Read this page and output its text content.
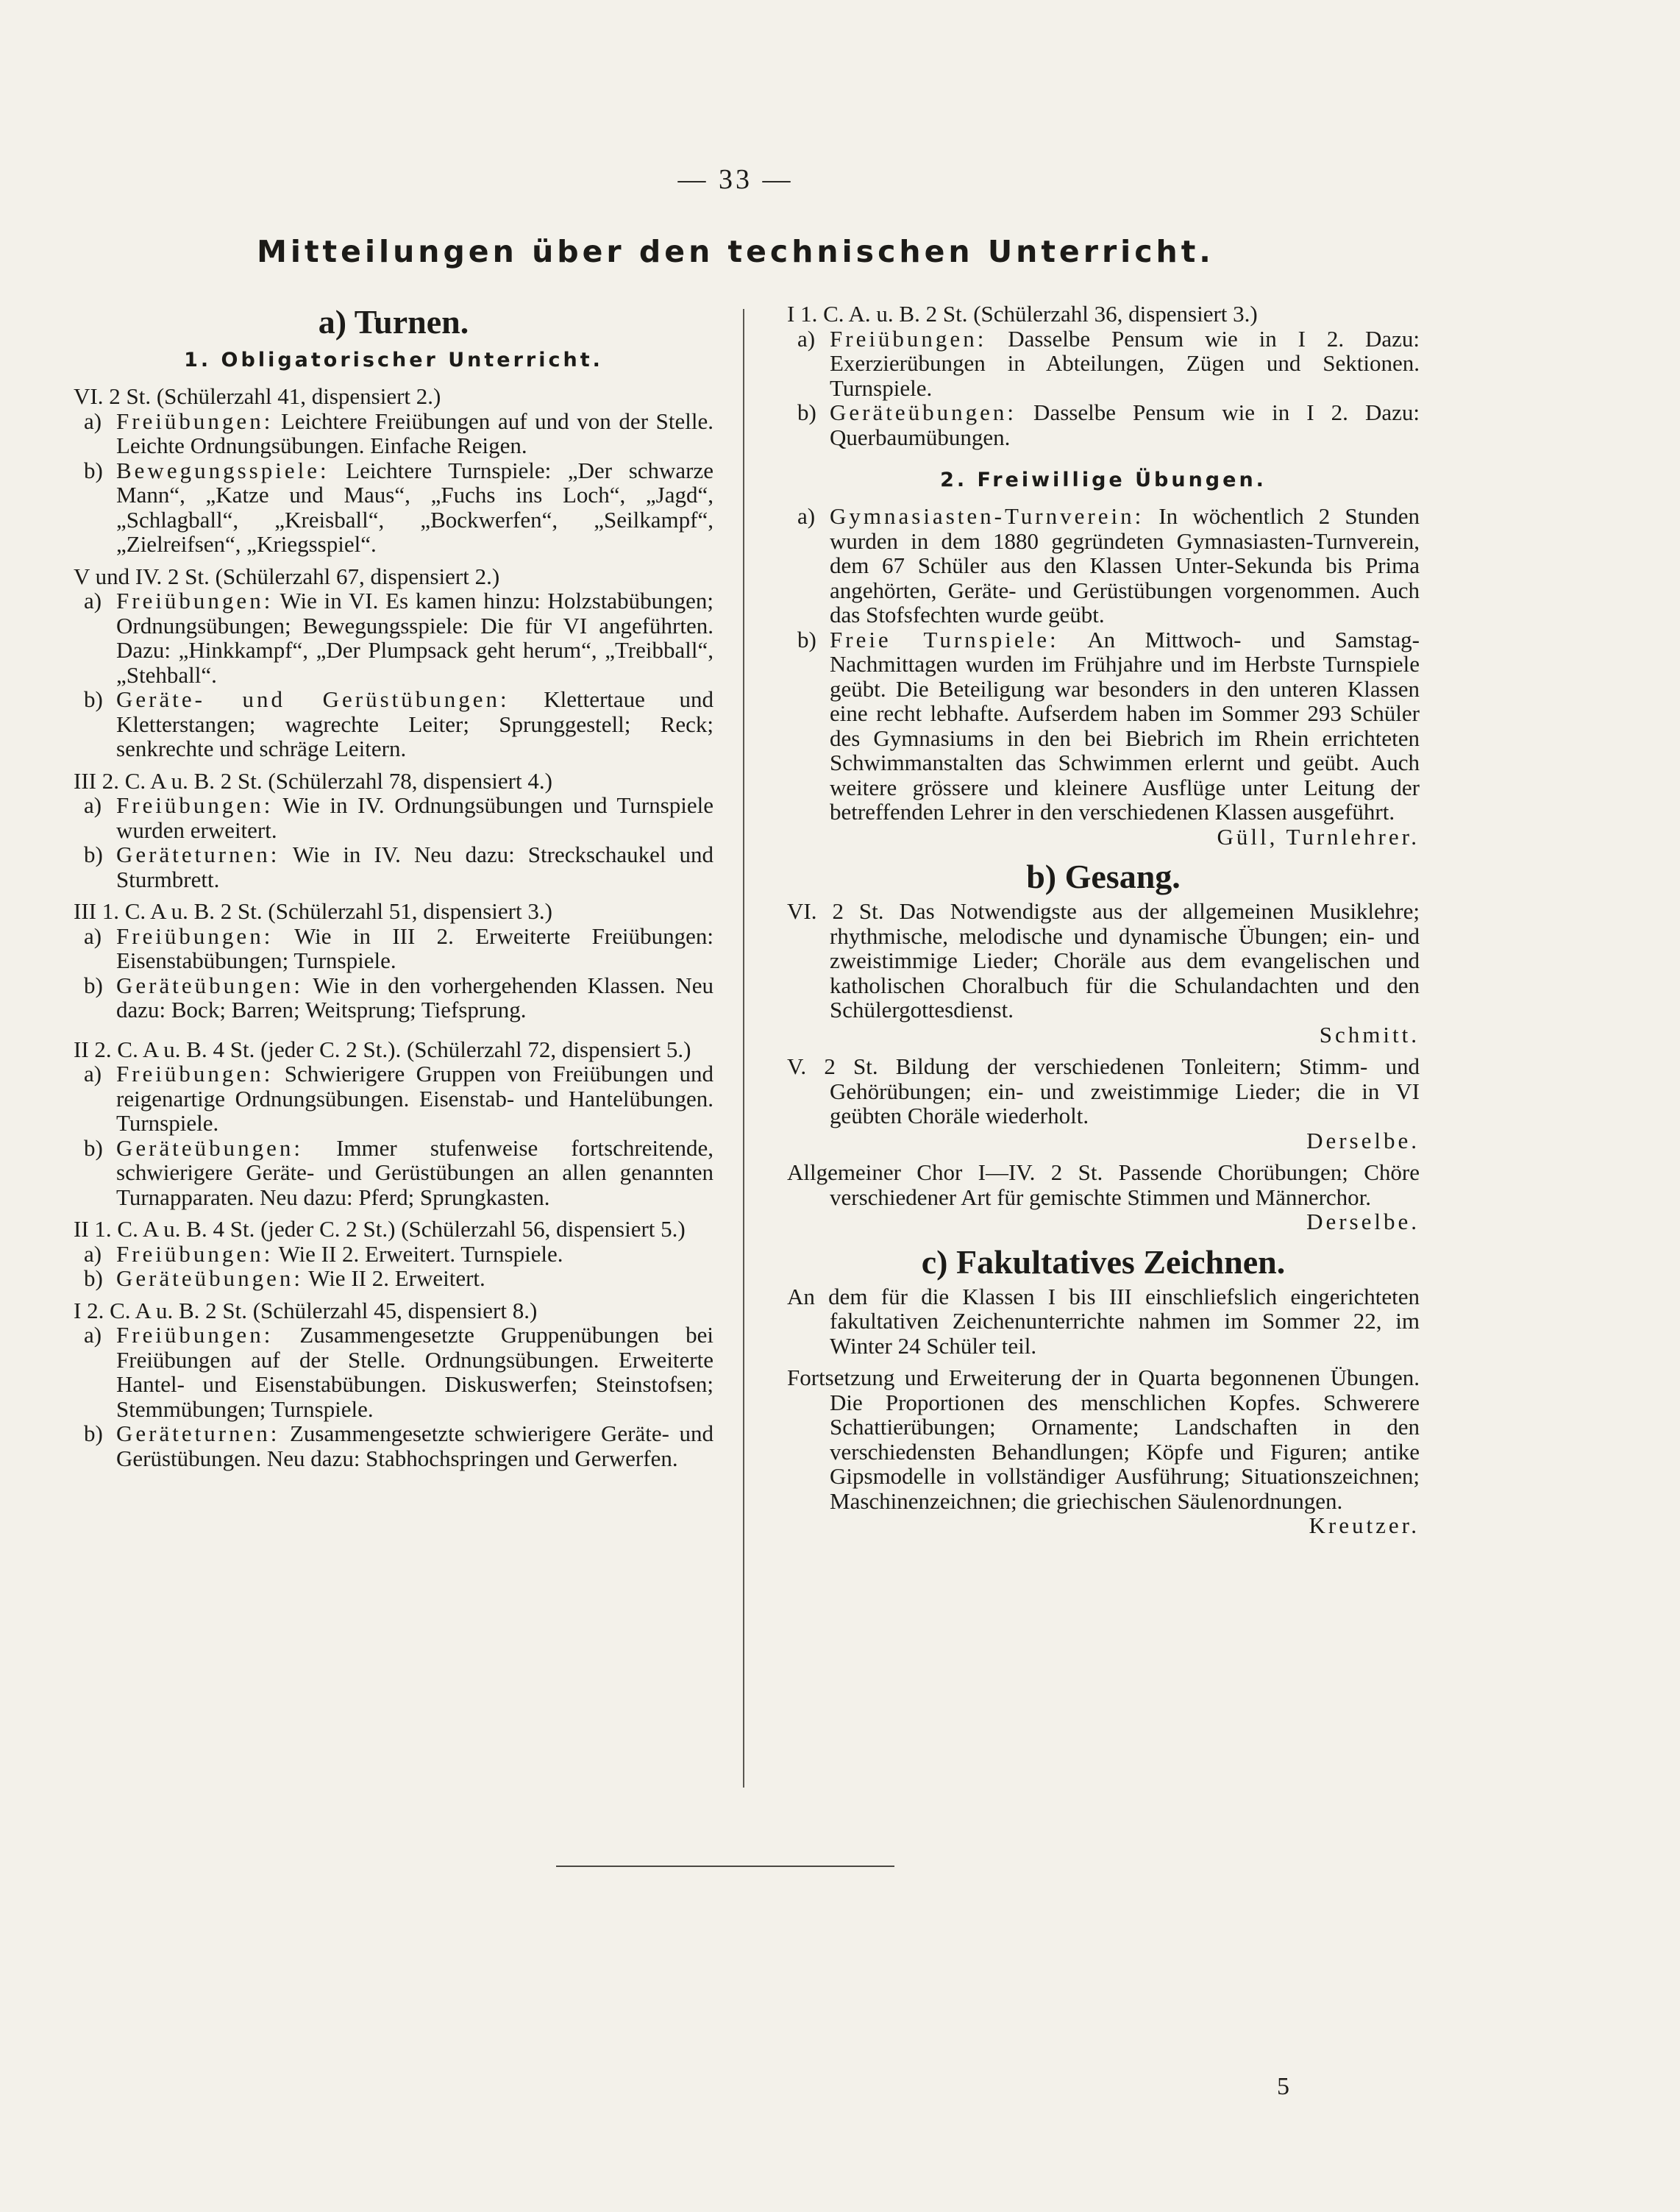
— 33 —
Mitteilungen über den technischen Unterricht.
a) Turnen.
1. Obligatorischer Unterricht.
VI. 2 St. (Schülerzahl 41, dispensiert 2.)
a) Freiübungen: Leichtere Freiübungen auf und von der Stelle. Leichte Ordnungsübungen. Einfache Reigen.
b) Bewegungsspiele: Leichtere Turnspiele: „Der schwarze Mann“, „Katze und Maus“, „Fuchs ins Loch“, „Jagd“, „Schlagball“, „Kreisball“, „Bockwerfen“, „Seilkampf“, „Zielreifsen“, „Kriegsspiel“.
V und IV. 2 St. (Schülerzahl 67, dispensiert 2.)
a) Freiübungen: Wie in VI. Es kamen hinzu: Holzstabübungen; Ordnungsübungen; Bewegungsspiele: Die für VI angeführten. Dazu: „Hinkkampf“, „Der Plumpsack geht herum“, „Treibball“, „Stehball“.
b) Geräte- und Gerüstübungen: Klettertaue und Kletterstangen; wagrechte Leiter; Sprunggestell; Reck; senkrechte und schräge Leitern.
III 2. C. A u. B. 2 St. (Schülerzahl 78, dispensiert 4.)
a) Freiübungen: Wie in IV. Ordnungsübungen und Turnspiele wurden erweitert.
b) Geräteturnen: Wie in IV. Neu dazu: Streckschaukel und Sturmbrett.
III 1. C. A u. B. 2 St. (Schülerzahl 51, dispensiert 3.)
a) Freiübungen: Wie in III 2. Erweiterte Freiübungen: Eisenstabübungen; Turnspiele.
b) Geräteübungen: Wie in den vorhergehenden Klassen. Neu dazu: Bock; Barren; Weitsprung; Tiefsprung.
II 2. C. A u. B. 4 St. (jeder C. 2 St.). (Schülerzahl 72, dispensiert 5.)
a) Freiübungen: Schwierigere Gruppen von Freiübungen und reigenartige Ordnungsübungen. Eisenstab- und Hantelübungen. Turnspiele.
b) Geräteübungen: Immer stufenweise fortschreitende, schwierigere Geräte- und Gerüstübungen an allen genannten Turnapparaten. Neu dazu: Pferd; Sprungkasten.
II 1. C. A u. B. 4 St. (jeder C. 2 St.) (Schülerzahl 56, dispensiert 5.)
a) Freiübungen: Wie II 2. Erweitert. Turnspiele.
b) Geräteübungen: Wie II 2. Erweitert.
I 2. C. A u. B. 2 St. (Schülerzahl 45, dispensiert 8.)
a) Freiübungen: Zusammengesetzte Gruppenübungen bei Freiübungen auf der Stelle. Ordnungsübungen. Erweiterte Hantel- und Eisenstabübungen. Diskuswerfen; Steinstofsen; Stemmübungen; Turnspiele.
b) Geräteturnen: Zusammengesetzte schwierigere Geräte- und Gerüstübungen. Neu dazu: Stabhochspringen und Gerwerfen.
I 1. C. A. u. B. 2 St. (Schülerzahl 36, dispensiert 3.)
a) Freiübungen: Dasselbe Pensum wie in I 2. Dazu: Exerzierübungen in Abteilungen, Zügen und Sektionen. Turnspiele.
b) Geräteübungen: Dasselbe Pensum wie in I 2. Dazu: Querbaumübungen.
2. Freiwillige Übungen.
a) Gymnasiasten-Turnverein: In wöchentlich 2 Stunden wurden in dem 1880 gegründeten Gymnasiasten-Turnverein, dem 67 Schüler aus den Klassen Unter-Sekunda bis Prima angehörten, Geräte- und Gerüstübungen vorgenommen. Auch das Stofsfechten wurde geübt.
b) Freie Turnspiele: An Mittwoch- und Samstag-Nachmittagen wurden im Frühjahre und im Herbste Turnspiele geübt. Die Beteiligung war besonders in den unteren Klassen eine recht lebhafte. Aufserdem haben im Sommer 293 Schüler des Gymnasiums in den bei Biebrich im Rhein errichteten Schwimmanstalten das Schwimmen erlernt und geübt. Auch weitere grössere und kleinere Ausflüge unter Leitung der betreffenden Lehrer in den verschiedenen Klassen ausgeführt.
Güll, Turnlehrer.
b) Gesang.
VI. 2 St. Das Notwendigste aus der allgemeinen Musiklehre; rhythmische, melodische und dynamische Übungen; ein- und zweistimmige Lieder; Choräle aus dem evangelischen und katholischen Choralbuch für die Schulandachten und den Schülergottesdienst.
Schmitt.
V. 2 St. Bildung der verschiedenen Tonleitern; Stimm- und Gehörübungen; ein- und zweistimmige Lieder; die in VI geübten Choräle wiederholt.
Derselbe.
Allgemeiner Chor I—IV. 2 St. Passende Chorübungen; Chöre verschiedener Art für gemischte Stimmen und Männerchor.
Derselbe.
c) Fakultatives Zeichnen.
An dem für die Klassen I bis III einschliefslich eingerichteten fakultativen Zeichenunterrichte nahmen im Sommer 22, im Winter 24 Schüler teil.
Fortsetzung und Erweiterung der in Quarta begonnenen Übungen. Die Proportionen des menschlichen Kopfes. Schwerere Schattierübungen; Ornamente; Landschaften in den verschiedensten Behandlungen; Köpfe und Figuren; antike Gipsmodelle in vollständiger Ausführung; Situationszeichnen; Maschinenzeichnen; die griechischen Säulenordnungen.
Kreutzer.
5
